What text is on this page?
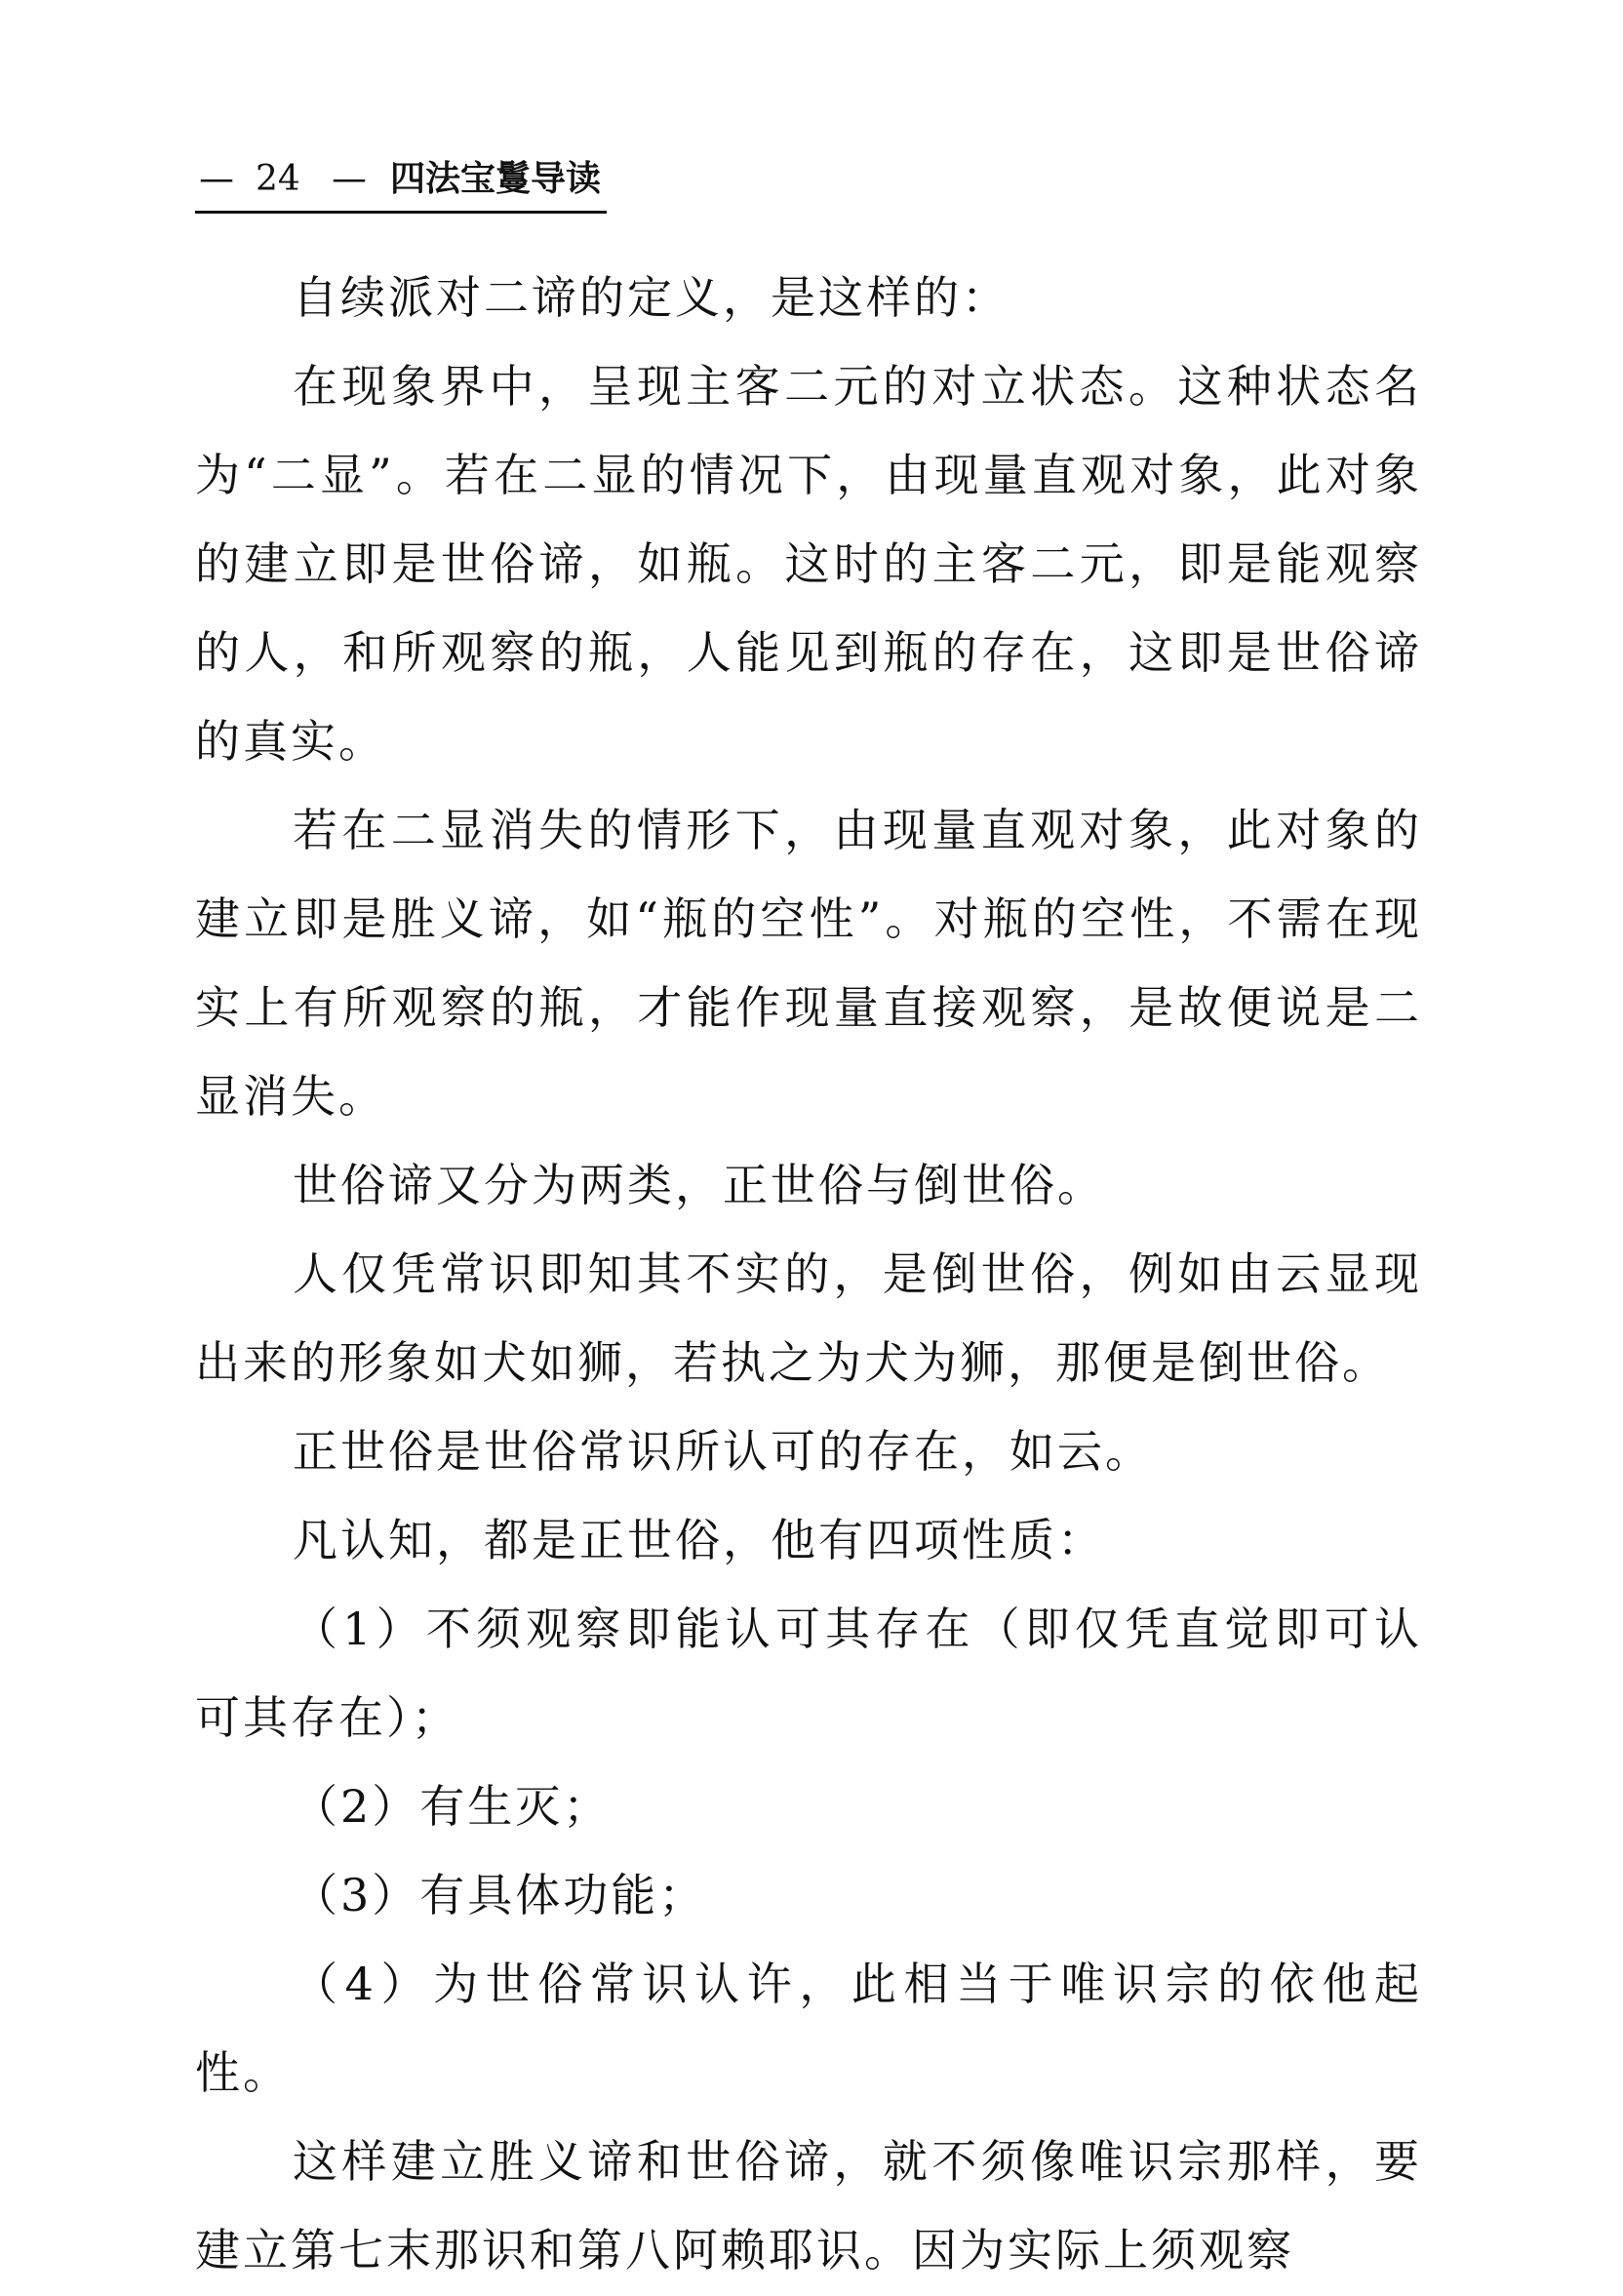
— 24 — 四法宝鬘导读

自续派对二谛的定义，是这样的：

在现象界中，呈现主客二元的对立状态。这种状态名为“二显”。若在二显的情况下，由现量直观对象，此对象的建立即是世俗谛，如瓶。这时的主客二元，即是能观察的人，和所观察的瓶，人能见到瓶的存在，这即是世俗谛的真实。

若在二显消失的情形下，由现量直观对象，此对象的建立即是胜义谛，如“瓶的空性”。对瓶的空性，不需在现实上有所观察的瓶，才能作现量直接观察，是故便说是二显消失。

世俗谛又分为两类，正世俗与倒世俗。

人仅凭常识即知其不实的，是倒世俗，例如由云显现出来的形象如犬如狮，若执之为犬为狮，那便是倒世俗。

正世俗是世俗常识所认可的存在，如云。

凡认知，都是正世俗，他有四项性质：

（1）不须观察即能认可其存在（即仅凭直觉即可认可其存在）；

（2）有生灭；

（3）有具体功能；

（4）为世俗常识认许，此相当于唯识宗的依他起性。

这样建立胜义谛和世俗谛，就不须像唯识宗那样，要建立第七末那识和第八阿赖耶识。因为实际上须观察
